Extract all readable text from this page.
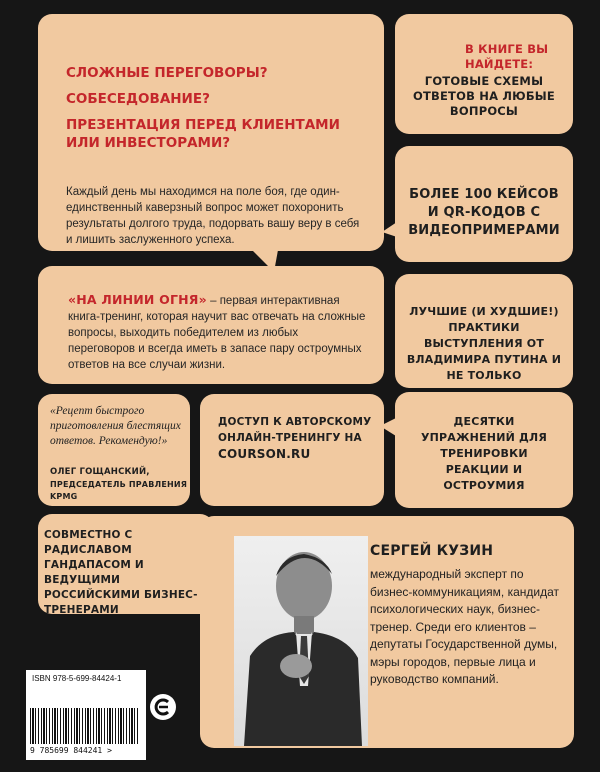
СЛОЖНЫЕ ПЕРЕГОВОРЫ?
СОБЕСЕДОВАНИЕ?
ПРЕЗЕНТАЦИЯ ПЕРЕД КЛИЕНТАМИ ИЛИ ИНВЕСТОРАМИ?
Каждый день мы находимся на поле боя, где один-единственный каверзный вопрос может похоронить результаты долгого труда, подорвать вашу веру в себя и лишить заслуженного успеха.
«НА ЛИНИИ ОГНЯ» – первая интерактивная книга-тренинг, которая научит вас отвечать на сложные вопросы, выходить победителем из любых переговоров и всегда иметь в запасе пару остроумных ответов на все случаи жизни.
В КНИГЕ ВЫ НАЙДЕТЕ:
ГОТОВЫЕ СХЕМЫ ОТВЕТОВ НА ЛЮБЫЕ ВОПРОСЫ
БОЛЕЕ 100 КЕЙСОВ И QR-КОДОВ С ВИДЕОПРИМЕРАМИ
ЛУЧШИЕ (И ХУДШИЕ!) ПРАКТИКИ ВЫСТУПЛЕНИЯ ОТ ВЛАДИМИРА ПУТИНА И НЕ ТОЛЬКО
ДЕСЯТКИ УПРАЖНЕНИЙ ДЛЯ ТРЕНИРОВКИ РЕАКЦИИ И ОСТРОУМИЯ
«Рецепт быстрого приготовления блестящих ответов. Рекомендую!»
ОЛЕГ ГОЩАНСКИЙ,
ПРЕДСЕДАТЕЛЬ ПРАВЛЕНИЯ KPMG
ДОСТУП К АВТОРСКОМУ ОНЛАЙН-ТРЕНИНГУ НА COURSON.RU
СОВМЕСТНО С РАДИСЛАВОМ ГАНДАПАСОМ И ВЕДУЩИМИ РОССИЙСКИМИ БИЗНЕС-ТРЕНЕРАМИ
СЕРГЕЙ КУЗИН
международный эксперт по бизнес-коммуникациям, кандидат психологических наук, бизнес-тренер. Среди его клиентов – депутаты Государственной думы, мэры городов, первые лица и руководство компаний.
ISBN 978-5-699-84424-1
9 785699 844241 >
